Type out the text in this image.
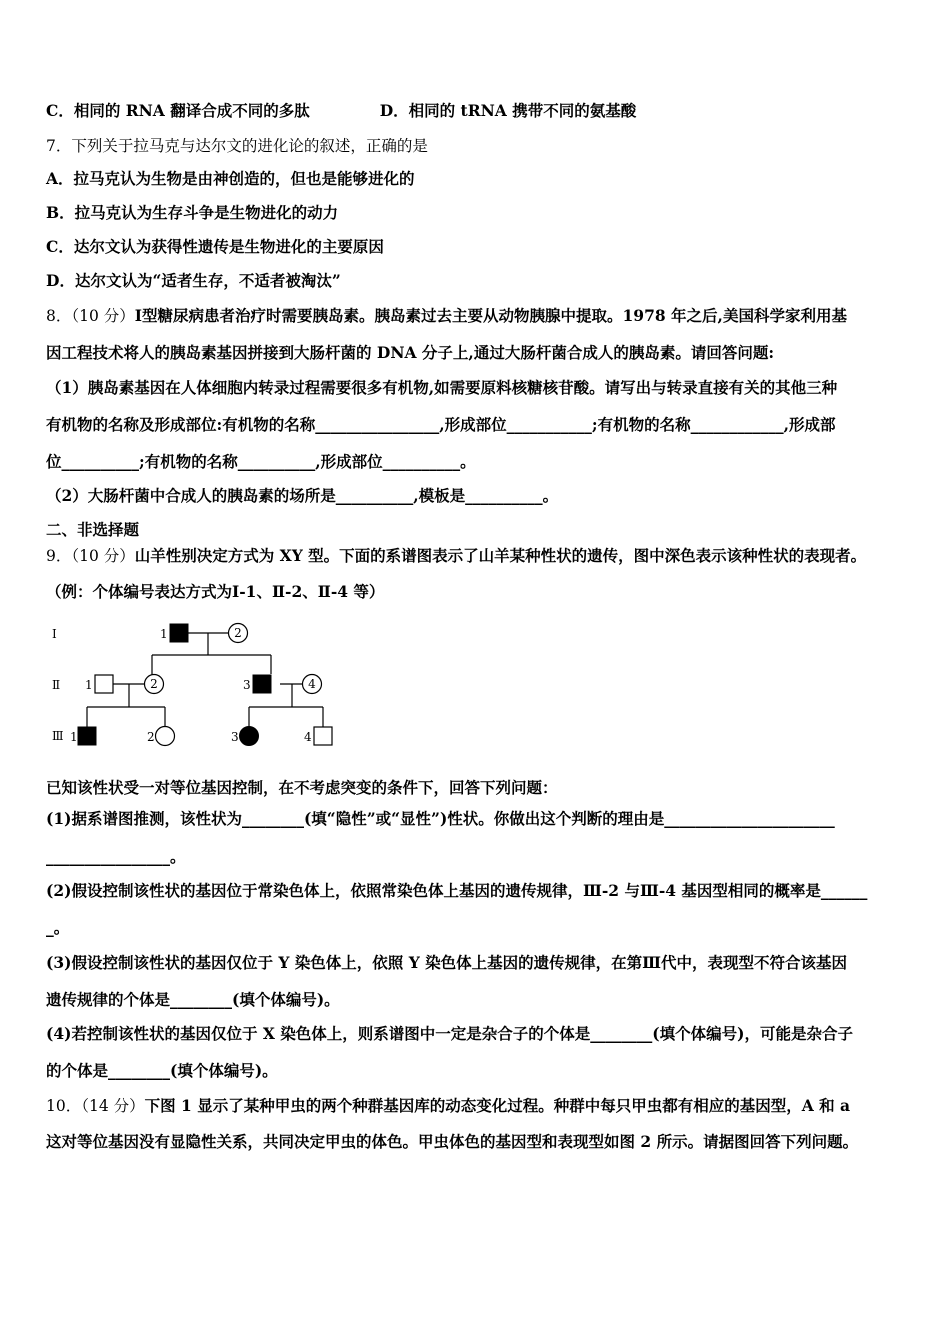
C．相同的 RNA 翻译合成不同的多肽	D．相同的 tRNA 携带不同的氨基酸
7．下列关于拉马克与达尔文的进化论的叙述，正确的是
A．拉马克认为生物是由神创造的，但也是能够进化的
B．拉马克认为生存斗争是生物进化的动力
C．达尔文认为获得性遗传是生物进化的主要原因
D．达尔文认为“适者生存，不适者被淘汰”
8．（10 分）Ⅰ型糖尿病患者治疗时需要胰岛素。胰岛素过去主要从动物胰腺中提取。1978 年之后,美国科学家利用基
因工程技术将人的胰岛素基因拼接到大肠杆菌的 DNA 分子上,通过大肠杆菌合成人的胰岛素。请回答问题:
（1）胰岛素基因在人体细胞内转录过程需要很多有机物,如需要原料核糖核苷酸。请写出与转录直接有关的其他三种
有机物的名称及形成部位:有机物的名称________________,形成部位___________;有机物的名称____________,形成部
位__________;有机物的名称__________,形成部位__________。
（2）大肠杆菌中合成人的胰岛素的场所是__________,模板是__________。
二、非选择题
9．（10 分）山羊性别决定方式为 XY 型。下面的系谱图表示了山羊某种性状的遗传，图中深色表示该种性状的表现者。
（例：个体编号表达方式为Ⅰ-1、Ⅱ-2、Ⅱ-4 等）
Ⅰ
Ⅱ
Ⅲ
1	2
1	2	3	4
1	2	3	4
已知该性状受一对等位基因控制，在不考虑突变的条件下，回答下列问题：
(1)据系谱图推测，该性状为________(填“隐性”或“显性”)性状。你做出这个判断的理由是______________________
________________。
(2)假设控制该性状的基因位于常染色体上，依照常染色体上基因的遗传规律，Ⅲ-2 与Ⅲ-4 基因型相同的概率是______
_。
(3)假设控制该性状的基因仅位于 Y 染色体上，依照 Y 染色体上基因的遗传规律，在第Ⅲ代中，表现型不符合该基因
遗传规律的个体是________(填个体编号)。
(4)若控制该性状的基因仅位于 X 染色体上，则系谱图中一定是杂合子的个体是________(填个体编号)，可能是杂合子
的个体是________(填个体编号)。
10．（14 分）下图 1 显示了某种甲虫的两个种群基因库的动态变化过程。种群中每只甲虫都有相应的基因型，A 和 a
这对等位基因没有显隐性关系，共同决定甲虫的体色。甲虫体色的基因型和表现型如图 2 所示。请据图回答下列问题。
